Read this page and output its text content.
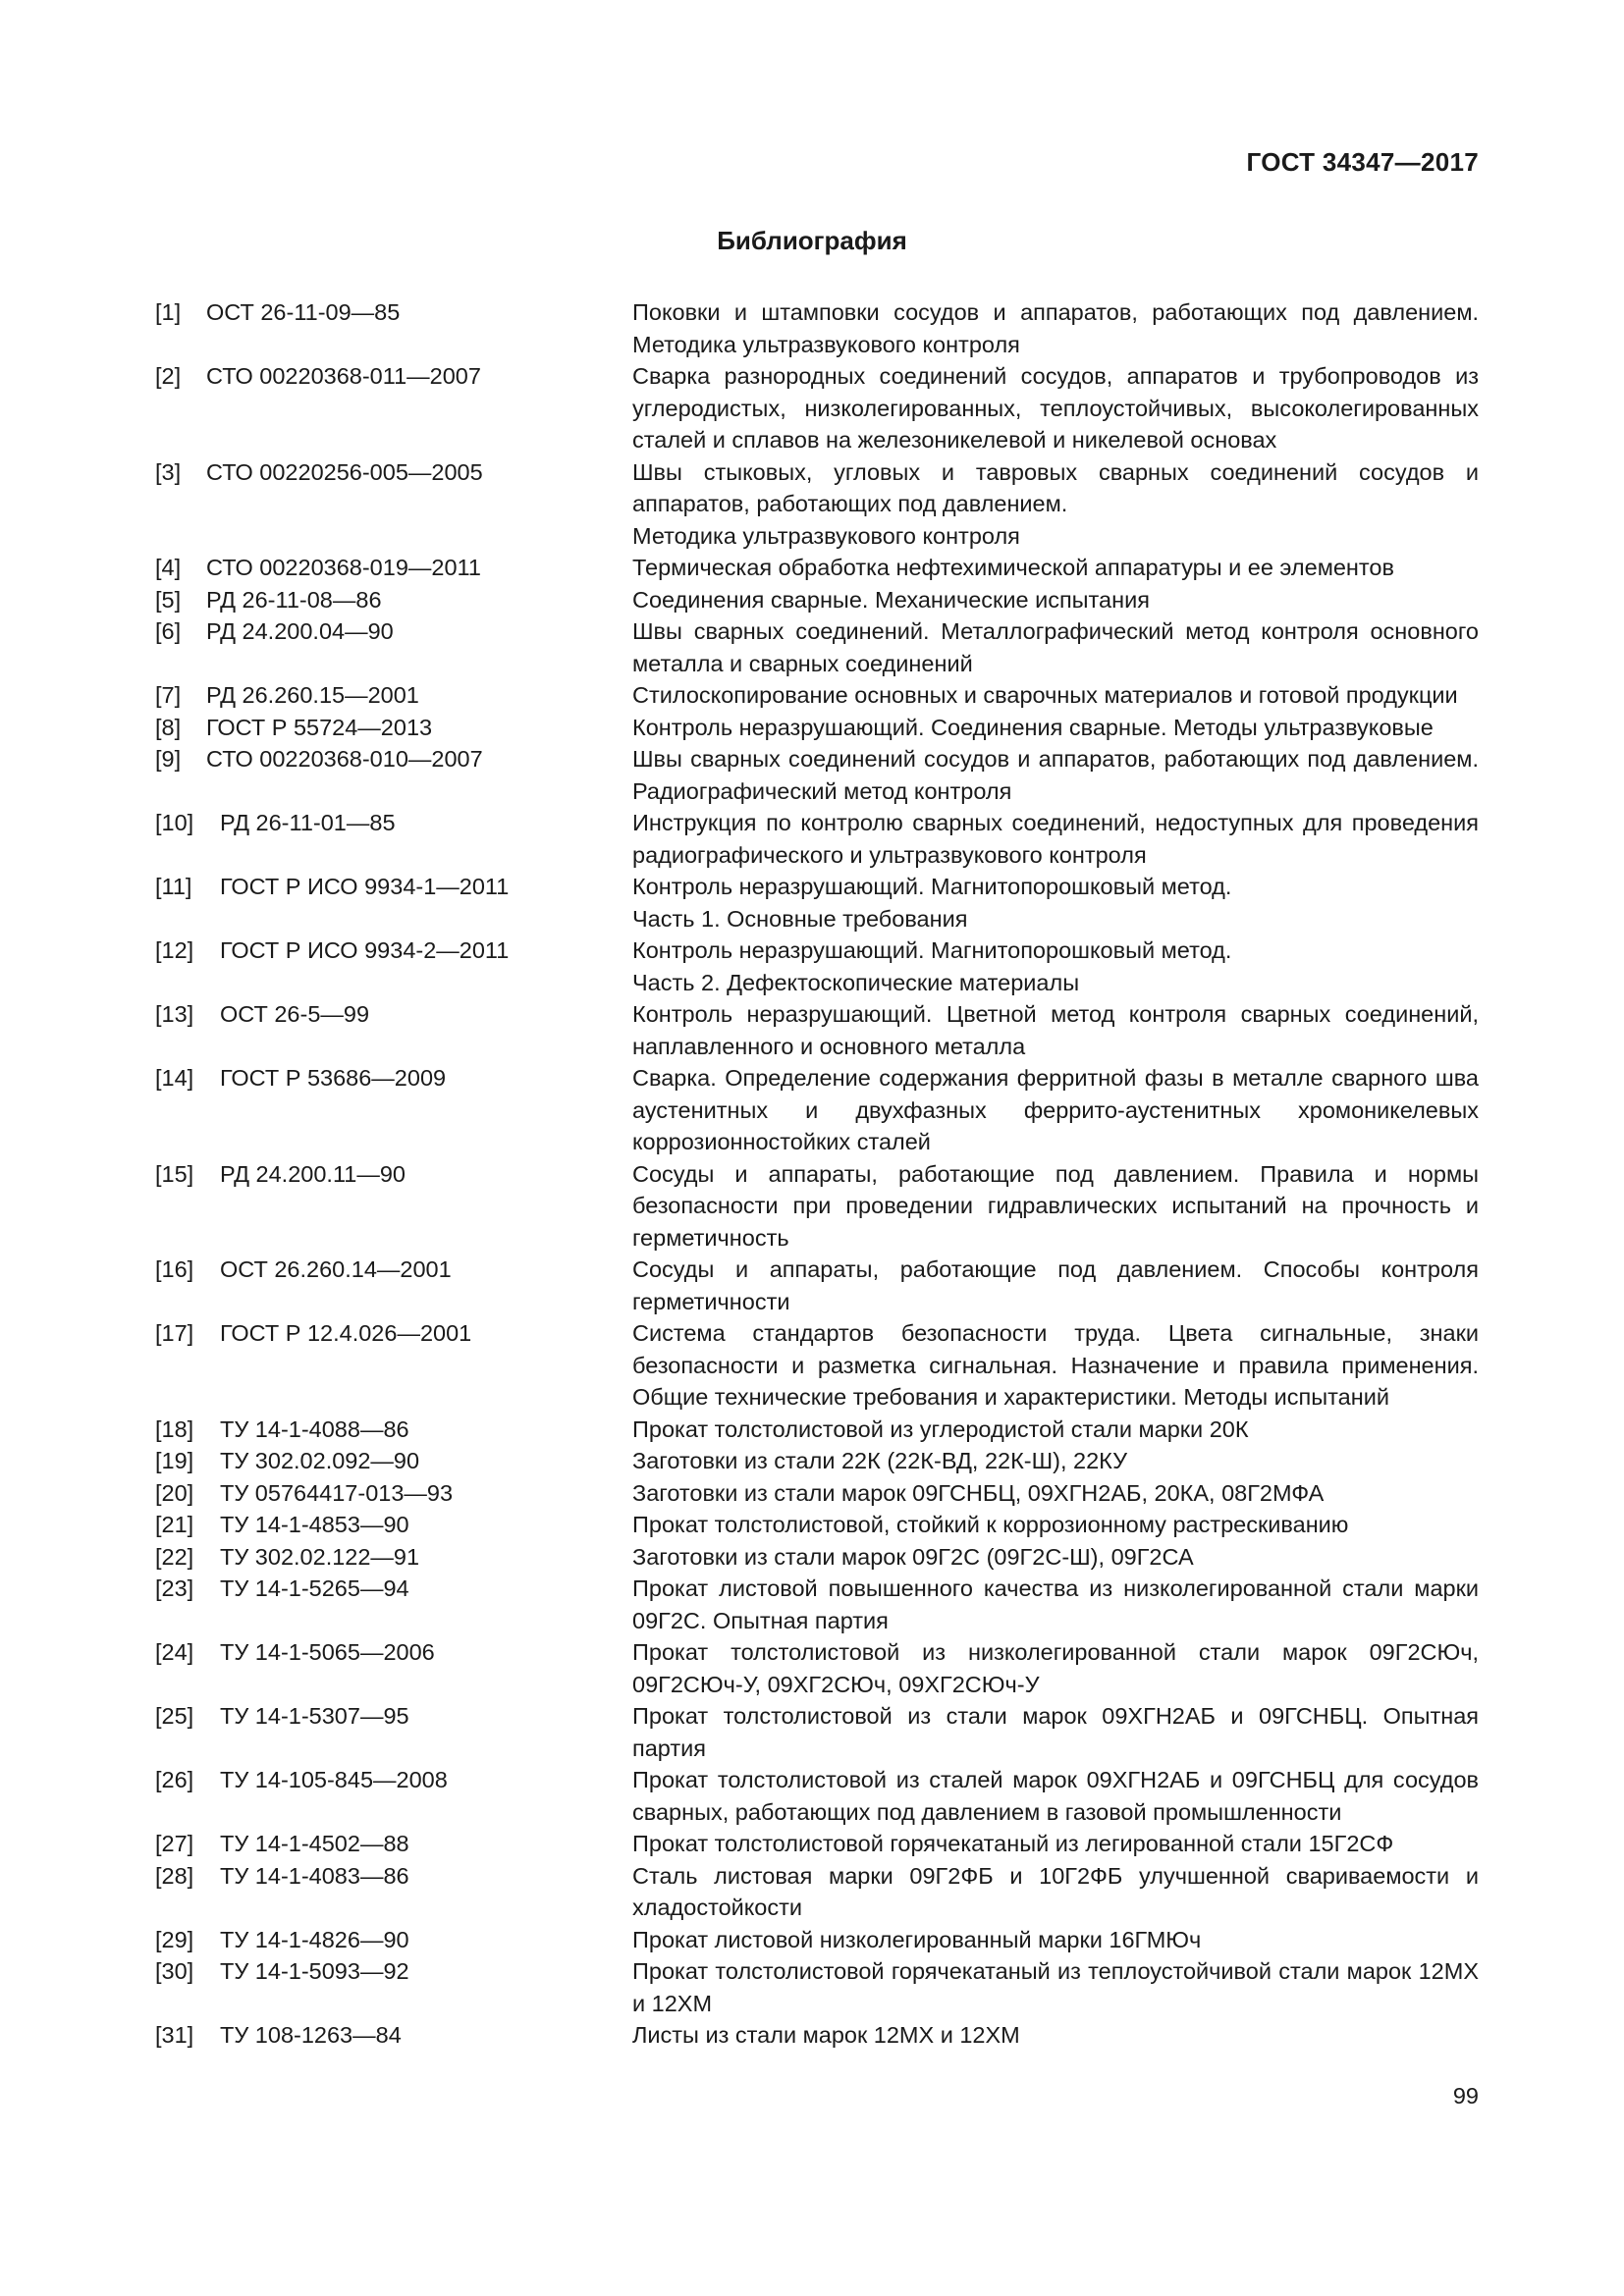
ГОСТ 34347—2017
Библиография
[1]	ОСТ 26-11-09—85	Поковки и штамповки сосудов и аппаратов, работающих под давлением. Методика ультразвукового контроля
[2]	СТО 00220368-011—2007	Сварка разнородных соединений сосудов, аппаратов и трубопроводов из углеродистых, низколегированных, теплоустойчивых, высоколегированных сталей и сплавов на железоникелевой и никелевой основах
[3]	СТО 00220256-005—2005	Швы стыковых, угловых и тавровых сварных соединений сосудов и аппаратов, работающих под давлением.
Методика ультразвукового контроля
[4]	СТО 00220368-019—2011	Термическая обработка нефтехимической аппаратуры и ее элементов
[5]	РД 26-11-08—86	Соединения сварные. Механические испытания
[6]	РД 24.200.04—90	Швы сварных соединений. Металлографический метод контроля основного металла и сварных соединений
[7]	РД 26.260.15—2001	Стилоскопирование основных и сварочных материалов и готовой продукции
[8]	ГОСТ Р 55724—2013	Контроль неразрушающий. Соединения сварные. Методы ультразвуковые
[9]	СТО 00220368-010—2007	Швы сварных соединений сосудов и аппаратов, работающих под давлением. Радиографический метод контроля
[10]	РД 26-11-01—85	Инструкция по контролю сварных соединений, недоступных для проведения радиографического и ультразвукового контроля
[11]	ГОСТ Р ИСО 9934-1—2011	Контроль неразрушающий. Магнитопорошковый метод.
Часть 1. Основные требования
[12]	ГОСТ Р ИСО 9934-2—2011	Контроль неразрушающий. Магнитопорошковый метод.
Часть 2. Дефектоскопические материалы
[13]	ОСТ 26-5—99	Контроль неразрушающий. Цветной метод контроля сварных соединений, наплавленного и основного металла
[14]	ГОСТ Р 53686—2009	Сварка. Определение содержания ферритной фазы в металле сварного шва аустенитных и двухфазных феррито-аустенитных хромоникелевых коррозионностойких сталей
[15]	РД 24.200.11—90	Сосуды и аппараты, работающие под давлением. Правила и нормы безопасности при проведении гидравлических испытаний на прочность и герметичность
[16]	ОСТ 26.260.14—2001	Сосуды и аппараты, работающие под давлением. Способы контроля герметичности
[17]	ГОСТ Р 12.4.026—2001	Система стандартов безопасности труда. Цвета сигнальные, знаки безопасности и разметка сигнальная. Назначение и правила применения. Общие технические требования и характеристики. Методы испытаний
[18]	ТУ 14-1-4088—86	Прокат толстолистовой из углеродистой стали марки 20К
[19]	ТУ 302.02.092—90	Заготовки из стали 22К (22К-ВД, 22К-Ш), 22КУ
[20]	ТУ 05764417-013—93	Заготовки из стали марок 09ГСНБЦ, 09ХГН2АБ, 20КА, 08Г2МФА
[21]	ТУ 14-1-4853—90	Прокат толстолистовой, стойкий к коррозионному растрескиванию
[22]	ТУ 302.02.122—91	Заготовки из стали марок 09Г2С (09Г2С-Ш), 09Г2СА
[23]	ТУ 14-1-5265—94	Прокат листовой повышенного качества из низколегированной стали марки 09Г2С. Опытная партия
[24]	ТУ 14-1-5065—2006	Прокат толстолистовой из низколегированной стали марок 09Г2СЮч, 09Г2СЮч-У, 09ХГ2СЮч, 09ХГ2СЮч-У
[25]	ТУ 14-1-5307—95	Прокат толстолистовой из стали марок 09ХГН2АБ и 09ГСНБЦ. Опытная партия
[26]	ТУ 14-105-845—2008	Прокат толстолистовой из сталей марок 09ХГН2АБ и 09ГСНБЦ для сосудов сварных, работающих под давлением в газовой промышленности
[27]	ТУ 14-1-4502—88	Прокат толстолистовой горячекатаный из легированной стали 15Г2СФ
[28]	ТУ 14-1-4083—86	Сталь листовая марки 09Г2ФБ и 10Г2ФБ улучшенной свариваемости и хладостойкости
[29]	ТУ 14-1-4826—90	Прокат листовой низколегированный марки 16ГМЮч
[30]	ТУ 14-1-5093—92	Прокат толстолистовой горячекатаный из теплоустойчивой стали марок 12МХ и 12ХМ
[31]	ТУ 108-1263—84	Листы из стали марок 12МХ и 12ХМ
99
